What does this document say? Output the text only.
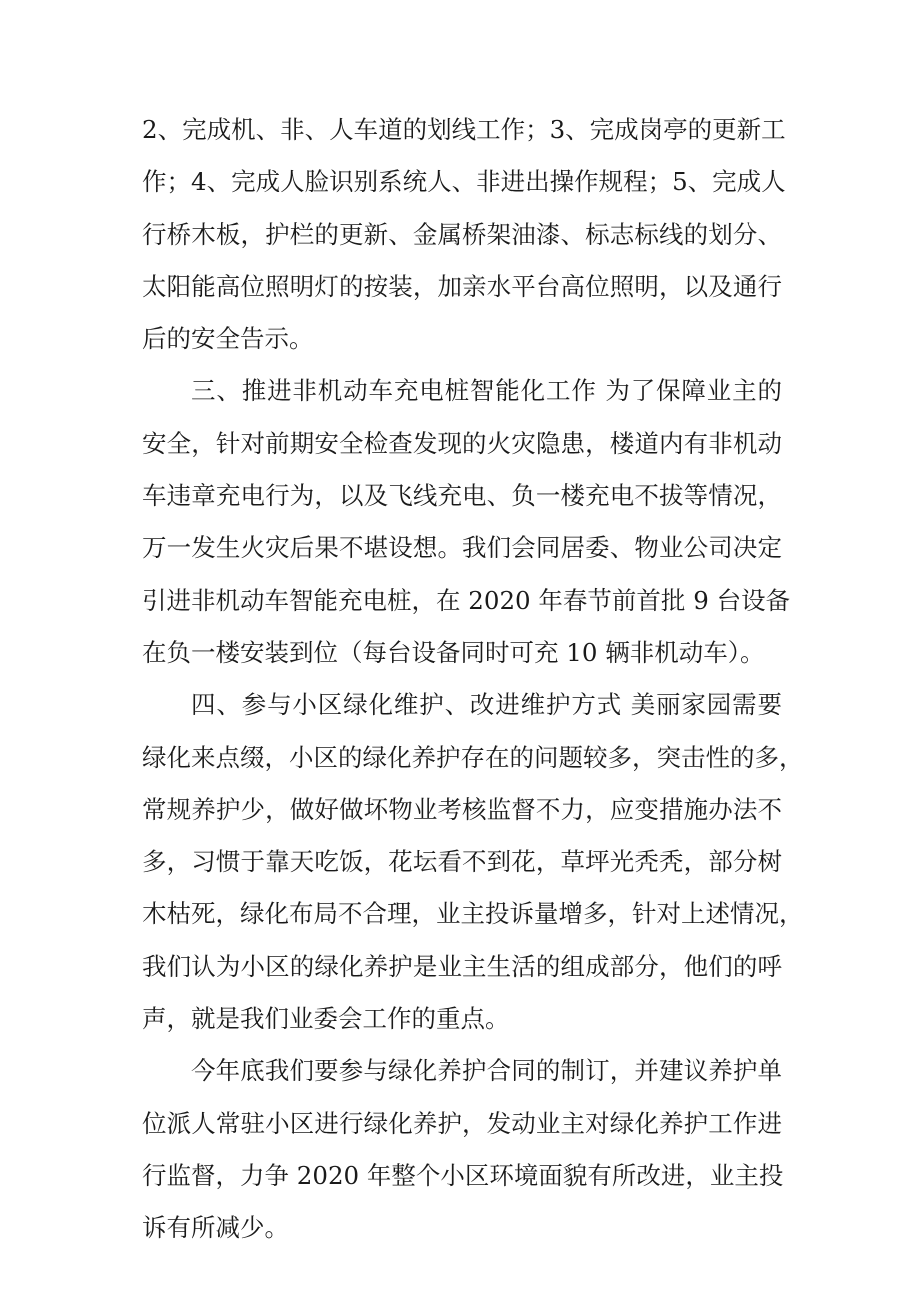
2、完成机、非、人车道的划线工作；3、完成岗亭的更新工
作；4、完成人脸识别系统人、非进出操作规程；5、完成人
行桥木板，护栏的更新、金属桥架油漆、标志标线的划分、
太阳能高位照明灯的按装，加亲水平台高位照明，以及通行
后的安全告示。
三、推进非机动车充电桩智能化工作 为了保障业主的
安全，针对前期安全检查发现的火灾隐患，楼道内有非机动
车违章充电行为，以及飞线充电、负一楼充电不拔等情况，
万一发生火灾后果不堪设想。我们会同居委、物业公司决定
引进非机动车智能充电桩，在 2020 年春节前首批 9 台设备
在负一楼安装到位（每台设备同时可充 10 辆非机动车）。
四、参与小区绿化维护、改进维护方式 美丽家园需要
绿化来点缀，小区的绿化养护存在的问题较多，突击性的多，
常规养护少，做好做坏物业考核监督不力，应变措施办法不
多，习惯于靠天吃饭，花坛看不到花，草坪光秃秃，部分树
木枯死，绿化布局不合理，业主投诉量增多，针对上述情况，
我们认为小区的绿化养护是业主生活的组成部分，他们的呼
声，就是我们业委会工作的重点。
今年底我们要参与绿化养护合同的制订，并建议养护单
位派人常驻小区进行绿化养护，发动业主对绿化养护工作进
行监督，力争 2020 年整个小区环境面貌有所改进，业主投
诉有所减少。
